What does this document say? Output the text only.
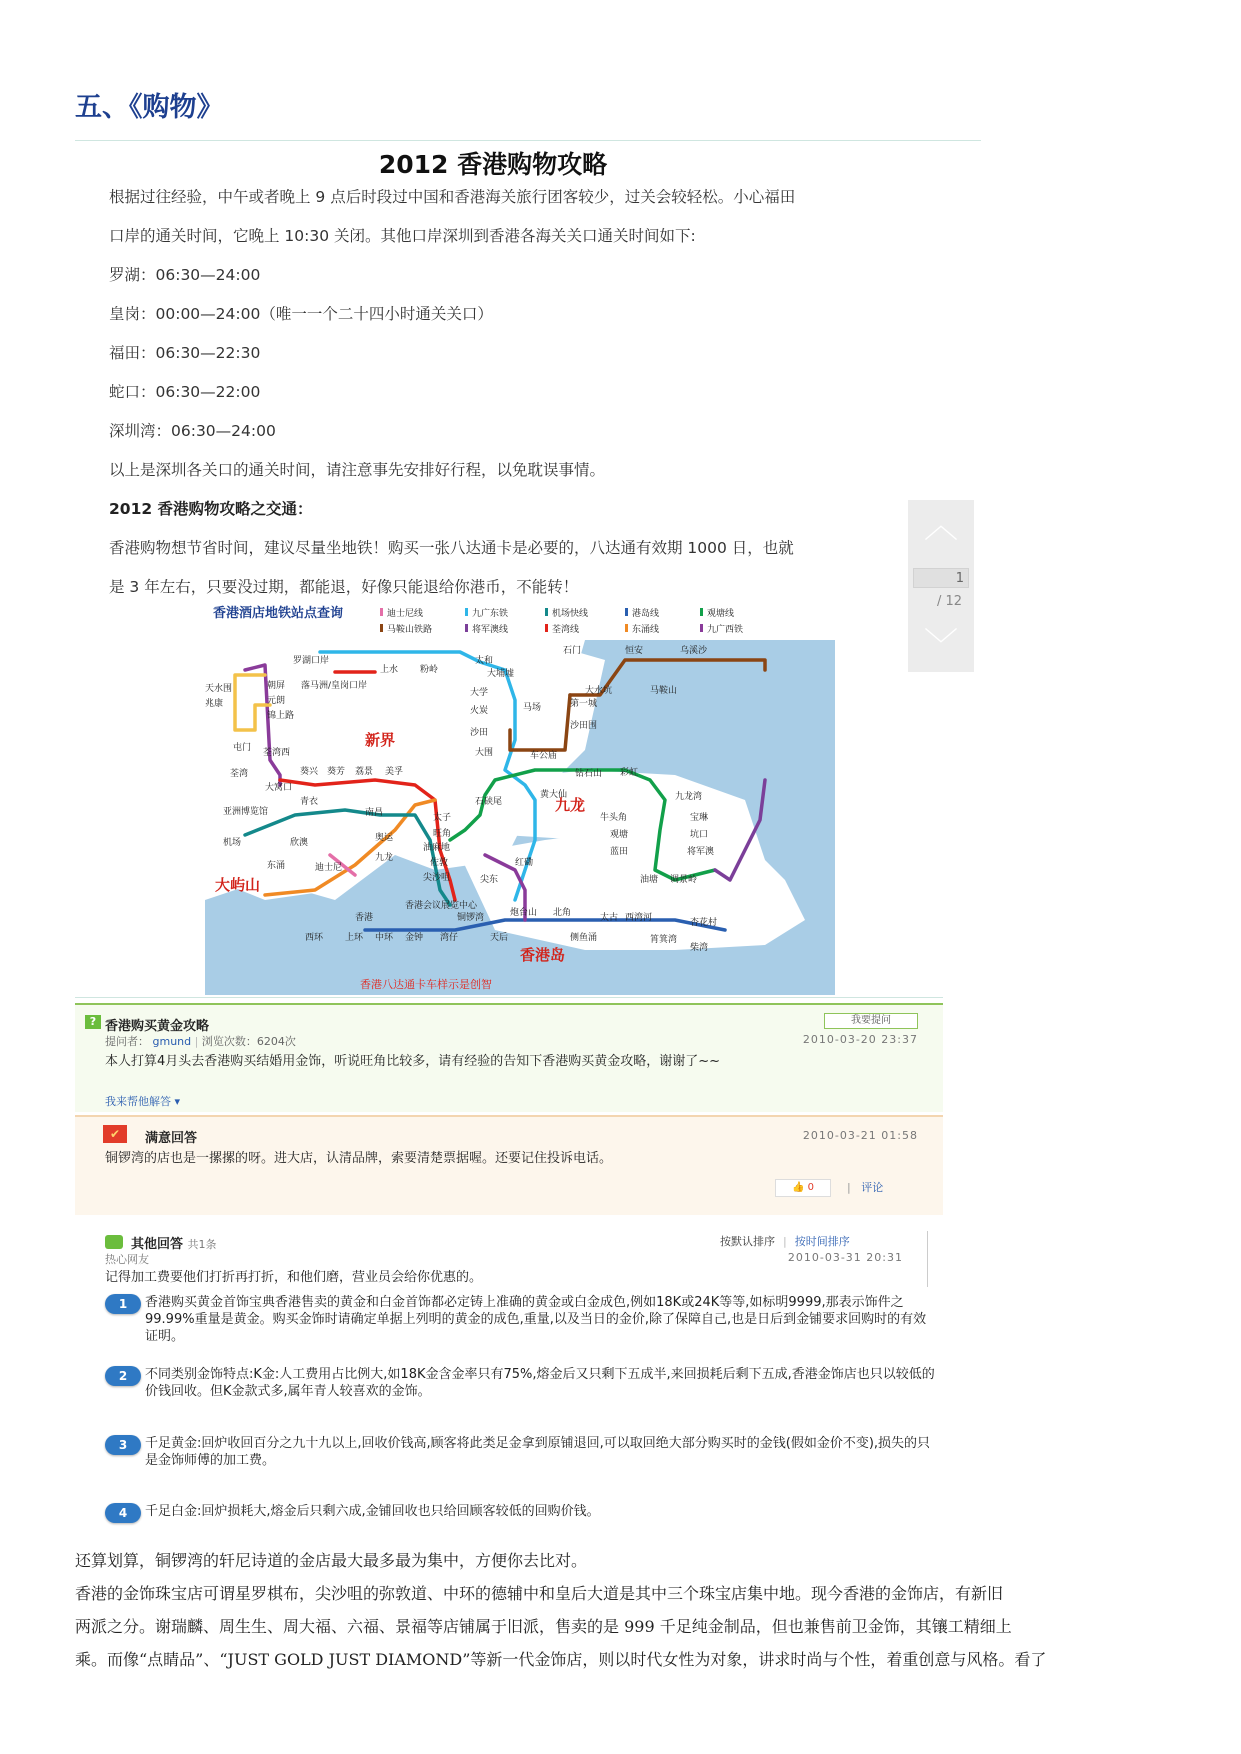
五、《购物》
2012 香港购物攻略
根据过往经验，中午或者晚上 9 点后时段过中国和香港海关旅行团客较少，过关会较轻松。小心福田
口岸的通关时间，它晚上 10:30 关闭。其他口岸深圳到香港各海关关口通关时间如下:
罗湖：06:30—24:00
皇岗：00:00—24:00（唯一一个二十四小时通关关口）
福田：06:30—22:30
蛇口：06:30—22:00
深圳湾：06:30—24:00
以上是深圳各关口的通关时间，请注意事先安排好行程，以免耽误事情。
2012 香港购物攻略之交通：
香港购物想节省时间，建议尽量坐地铁！购买一张八达通卡是必要的，八达通有效期 1000 日，也就
是 3 年左右，只要没过期，都能退，好像只能退给你港币，不能转！
︿
1
/ 12
﹀
香港酒店地铁站点查询	迪士尼线	九广东铁	机场快线	港岛线	观塘线
马鞍山铁路	将军澳线	荃湾线	东涌线	九广西铁
新界
九龙
香港岛
大屿山
罗湖口岸
上水 粉岭
太和
大埔墟
大学
火炭	马场
沙田
大围
乌溪沙
恒安
石门
马鞍山
大水坑
第一城
沙田围
车公庙
天水围
兆康
朝屏
元朗
锦上路
屯门 荃湾西
落马洲/皇岗口岸
荃湾	葵兴 葵芳 荔景 美孚
大窝口
青衣
亚洲博览馆
机场	欣澳
东涌	迪士尼
南昌
奥运
九龙
油麻地
旺角
太子
佐敦
尖沙咀	尖东
红磡
石硖尾
黄大仙
钻石山 彩虹
九龙湾
牛头角
观塘
蓝田
宝琳
坑口
将军澳
油塘 调景岭
香港会议展览中心
铜锣湾	炮台山 北角	太古 西湾河	杏花村
香港
中环
上环
西环	金钟 湾仔	天后	侧鱼涌	筲箕湾
柴湾
香港八达通卡车样示是创智
? 香港购买黄金攻略
提问者： gmund | 浏览次数：6204次
我要提问
2010-03-20 23:37
本人打算4月头去香港购买结婚用金饰，听说旺角比较多，请有经验的告知下香港购买黄金攻略，谢谢了~~
我来帮他解答 ▾
✔	满意回答	2010-03-21 01:58
铜锣湾的店也是一摞摞的呀。进大店，认清品牌，索要清楚票据喔。还要记住投诉电话。
👍 0	|   评论
其他回答 共1条	按默认排序 | 按时间排序
热心网友	2010-03-31 20:31
记得加工费要他们打折再打折，和他们磨，营业员会给你优惠的。
1	香港购买黄金首饰宝典香港售卖的黄金和白金首饰都必定铸上准确的黄金或白金成色,例如18K或24K等等,如标明9999,那表示饰件之99.99%重量是黄金。购买金饰时请确定单据上列明的黄金的成色,重量,以及当日的金价,除了保障自己,也是日后到金铺要求回购时的有效证明。
2	不同类别金饰特点:K金:人工费用占比例大,如18K金含金率只有75%,熔金后又只剩下五成半,来回损耗后剩下五成,香港金饰店也只以较低的价钱回收。但K金款式多,属年青人较喜欢的金饰。
3	千足黄金:回炉收回百分之九十九以上,回收价钱高,顾客将此类足金拿到原铺退回,可以取回绝大部分购买时的金钱(假如金价不变),损失的只是金饰师傅的加工费。
4	千足白金:回炉损耗大,熔金后只剩六成,金铺回收也只给回顾客较低的回购价钱。
还算划算，铜锣湾的轩尼诗道的金店最大最多最为集中，方便你去比对。
香港的金饰珠宝店可谓星罗棋布，尖沙咀的弥敦道、中环的德辅中和皇后大道是其中三个珠宝店集中地。现今香港的金饰店，有新旧
两派之分。谢瑞麟、周生生、周大福、六福、景福等店铺属于旧派，售卖的是 999 千足纯金制品，但也兼售前卫金饰，其镶工精细上
乘。而像“点睛品”、“JUST GOLD JUST DIAMOND”等新一代金饰店，则以时代女性为对象，讲求时尚与个性，着重创意与风格。看了
